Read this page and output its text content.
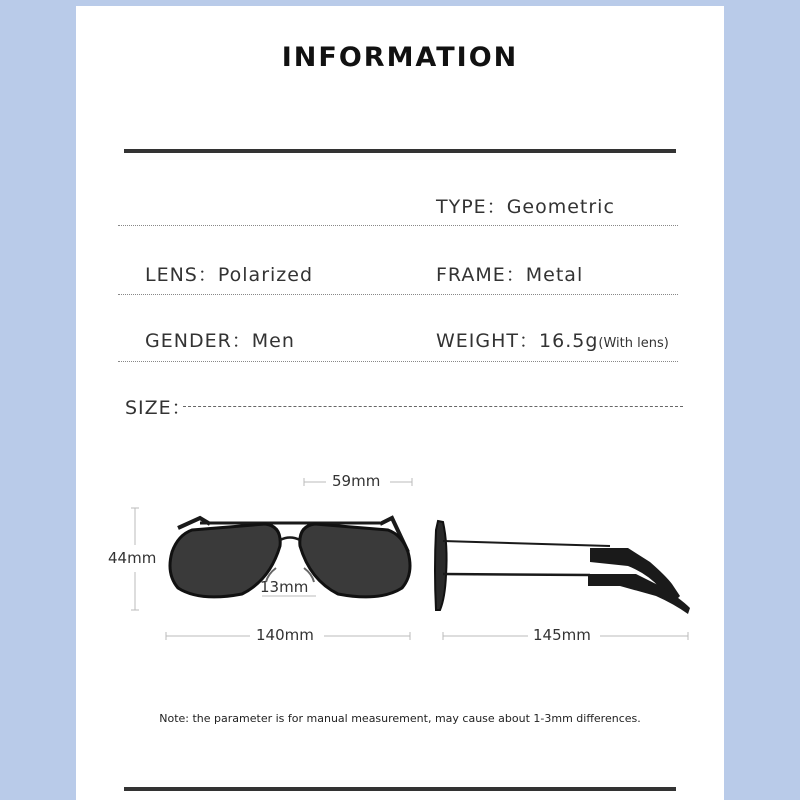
INFORMATION
TYPE：Geometric
LENS：Polarized	FRAME：Metal
GENDER：Men	WEIGHT：16.5g(With lens)
SIZE：
59mm
44mm
13mm
140mm	145mm
Note: the parameter is for manual measurement, may cause about 1-3mm differences.
